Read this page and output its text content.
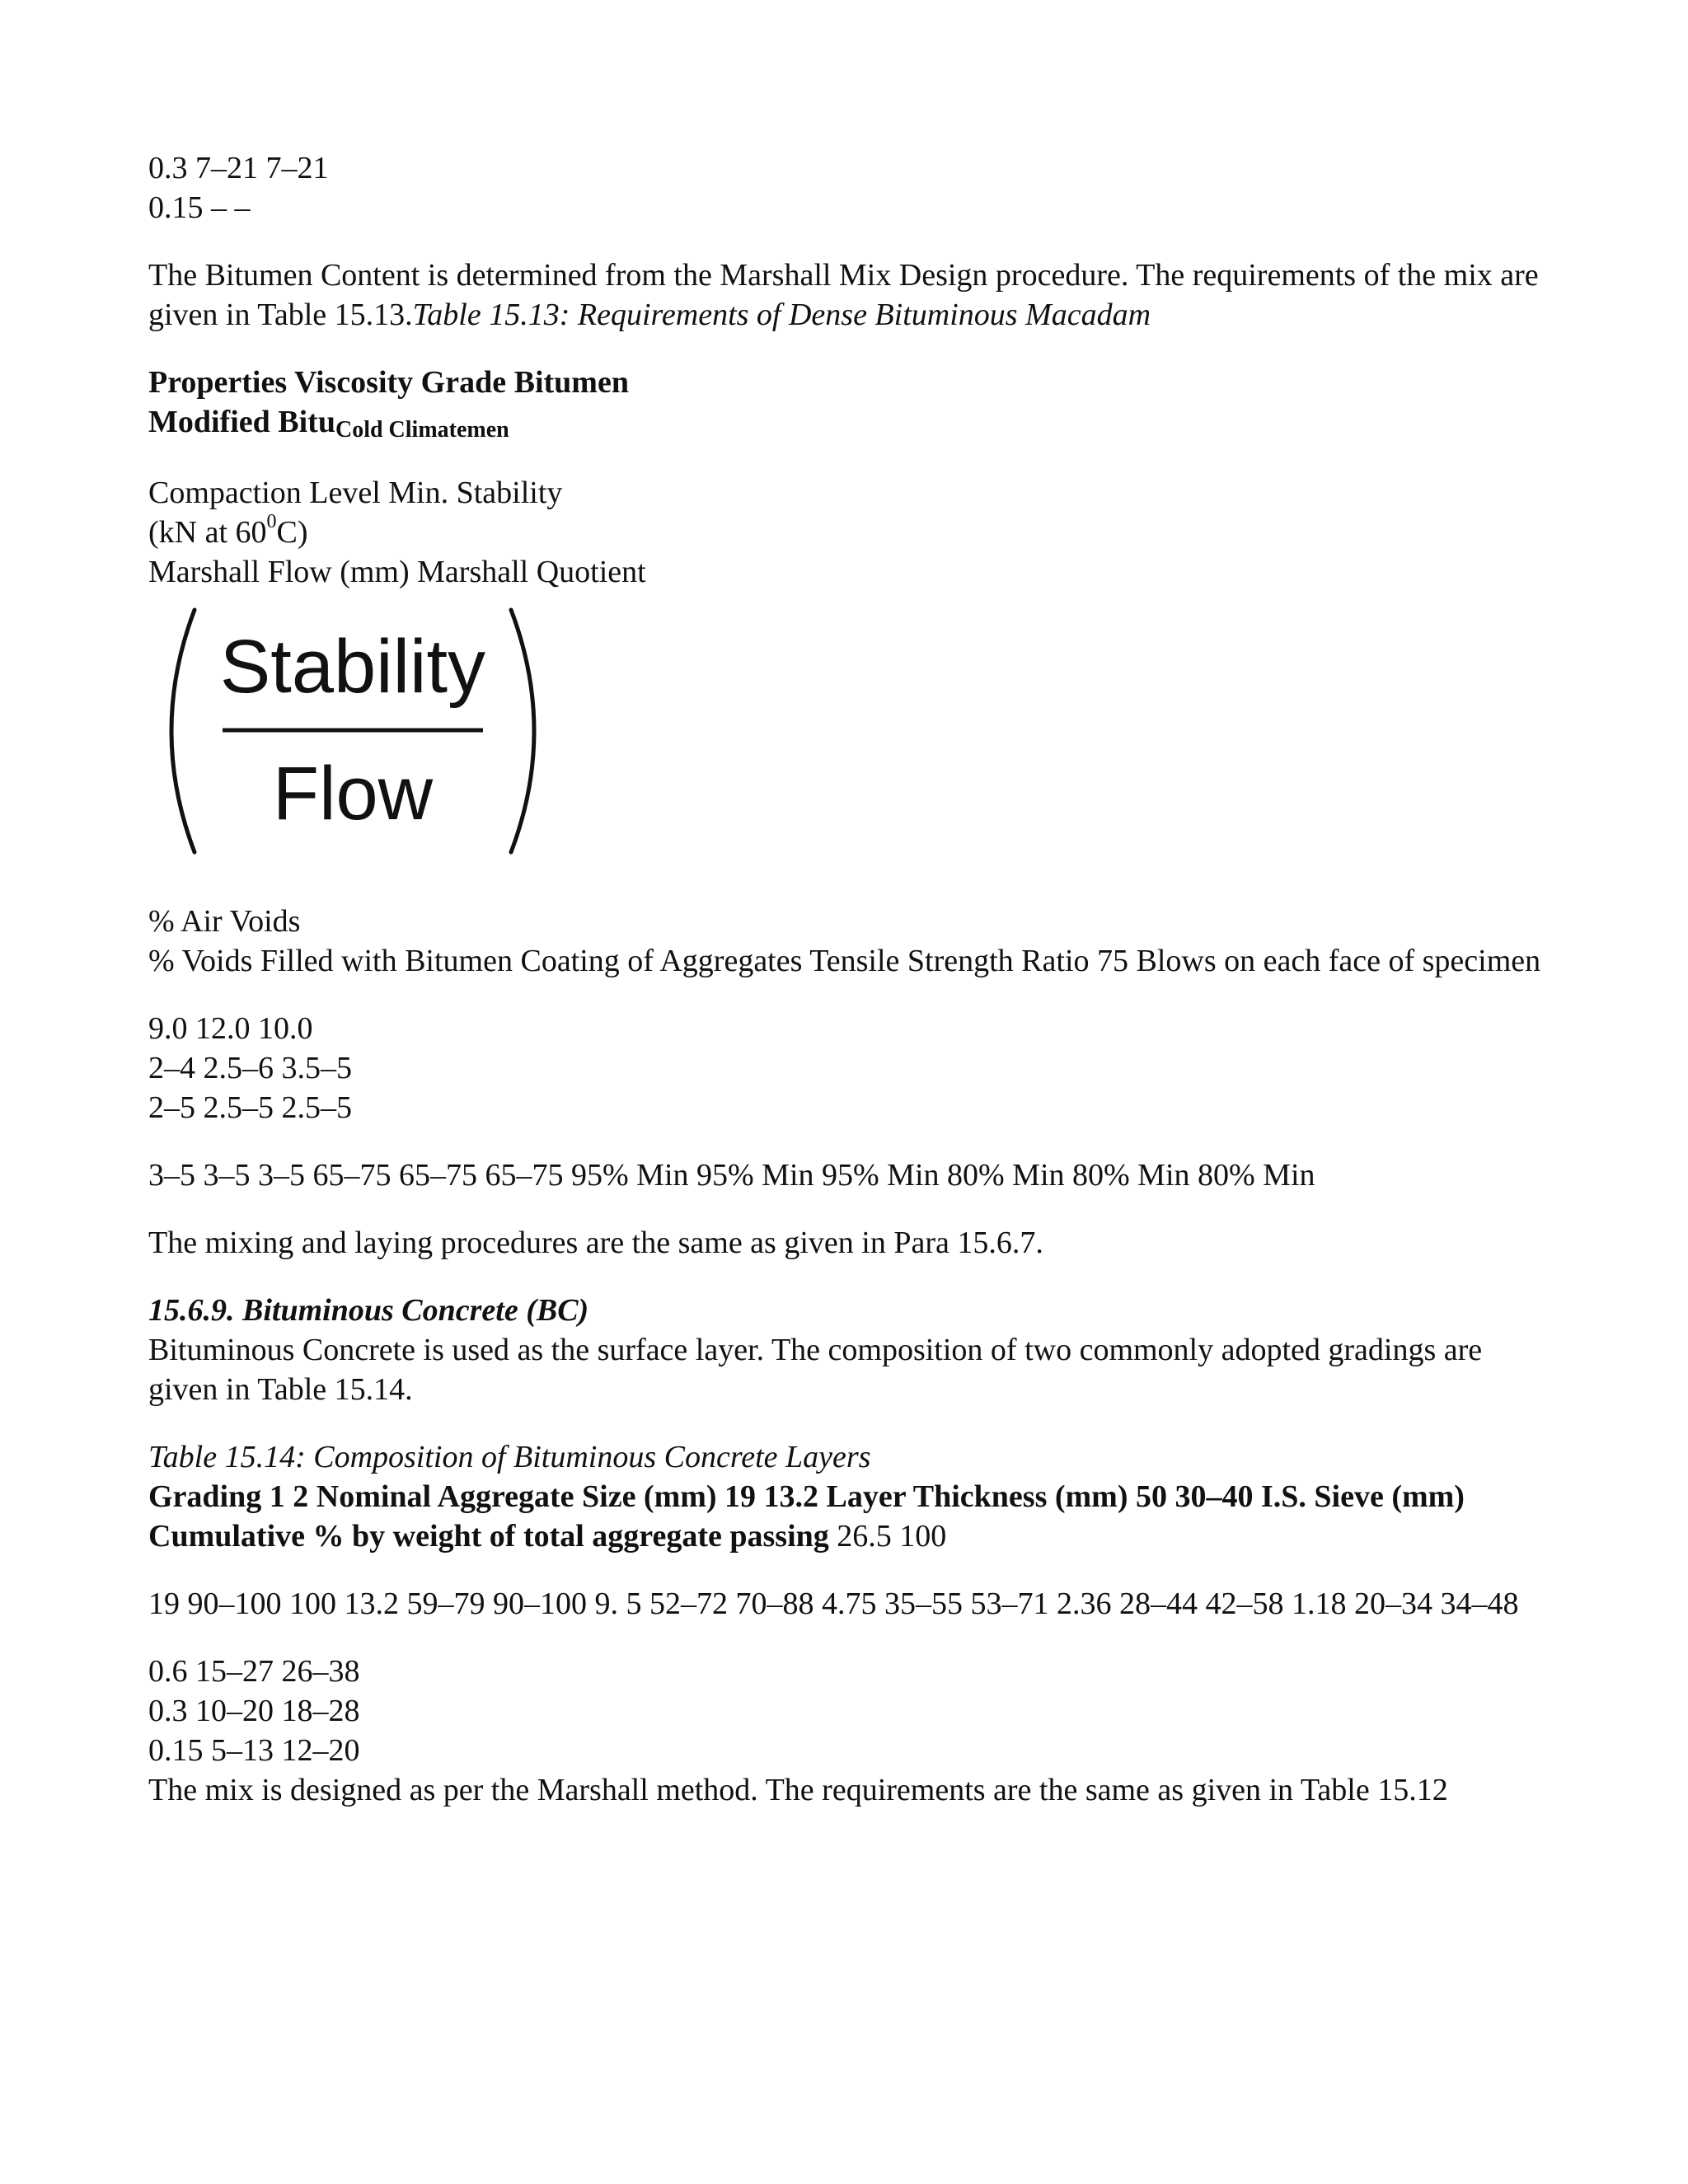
0.3 7–21 7–21
0.15 – –
The Bitumen Content is determined from the Marshall Mix Design procedure. The requirements of the mix are given in Table 15.13.Table 15.13: Requirements of Dense Bituminous Macadam
Properties Viscosity Grade Bitumen
Modified BituCold Climatemen
Compaction Level Min. Stability
(kN at $60^0C$)
Marshall Flow (mm) Marshall Quotient
Stability
Flow
% Air Voids
% Voids Filled with Bitumen Coating of Aggregates Tensile Strength Ratio 75 Blows on each face of specimen
9.0 12.0 10.0
2–4 2.5–6 3.5–5
2–5 2.5–5 2.5–5
3–5 3–5 3–5 65–75 65–75 65–75 95% Min 95% Min 95% Min 80% Min 80% Min 80% Min
The mixing and laying procedures are the same as given in Para 15.6.7.
15.6.9. Bituminous Concrete (BC)
Bituminous Concrete is used as the surface layer. The composition of two commonly adopted gradings are given in Table 15.14.
Table 15.14: Composition of Bituminous Concrete Layers
Grading 1 2 Nominal Aggregate Size (mm) 19 13.2 Layer Thickness (mm) 50 30–40 I.S. Sieve (mm) Cumulative % by weight of total aggregate passing 26.5 100
19 90–100 100 13.2 59–79 90–100 9. 5 52–72 70–88 4.75 35–55 53–71 2.36 28–44 42–58 1.18 20–34 34–48
0.6 15–27 26–38
0.3 10–20 18–28
0.15 5–13 12–20
The mix is designed as per the Marshall method. The requirements are the same as given in Table 15.12
